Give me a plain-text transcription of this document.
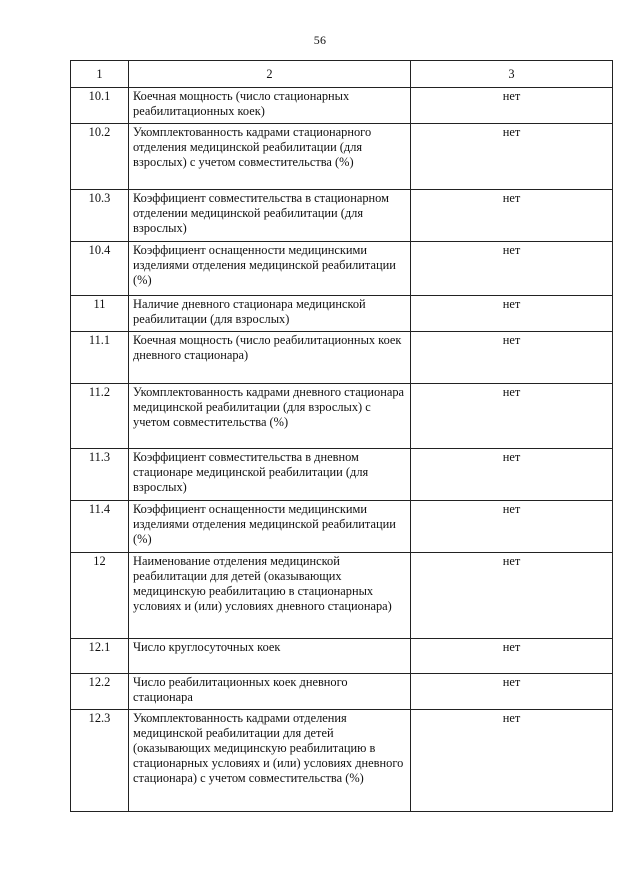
56
1	2	3
10.1	Коечная мощность (число стационарных реабилитационных коек)	нет
10.2	Укомплектованность кадрами стационарного отделения медицинской реабилитации (для взрослых) с учетом совместительства (%)	нет
10.3	Коэффициент совместительства в стационарном отделении медицинской реабилитации (для взрослых)	нет
10.4	Коэффициент оснащенности медицинскими изделиями отделения медицинской реабилитации (%)	нет
11	Наличие дневного стационара медицинской реабилитации (для взрослых)	нет
11.1	Коечная мощность (число реабилитационных коек дневного стационара)	нет
11.2	Укомплектованность кадрами дневного стационара медицинской реабилитации (для взрослых) с учетом совместительства (%)	нет
11.3	Коэффициент совместительства в дневном стационаре медицинской реабилитации (для взрослых)	нет
11.4	Коэффициент оснащенности медицинскими изделиями отделения медицинской реабилитации (%)	нет
12	Наименование отделения медицинской реабилитации для детей (оказывающих медицинскую реабилитацию в стационарных условиях и (или) условиях дневного стационара)	нет
12.1	Число круглосуточных коек	нет
12.2	Число реабилитационных коек дневного стационара	нет
12.3	Укомплектованность кадрами отделения медицинской реабилитации для детей (оказывающих медицинскую реабилитацию в стационарных условиях и (или) условиях дневного стационара) с учетом совместительства (%)	нет
